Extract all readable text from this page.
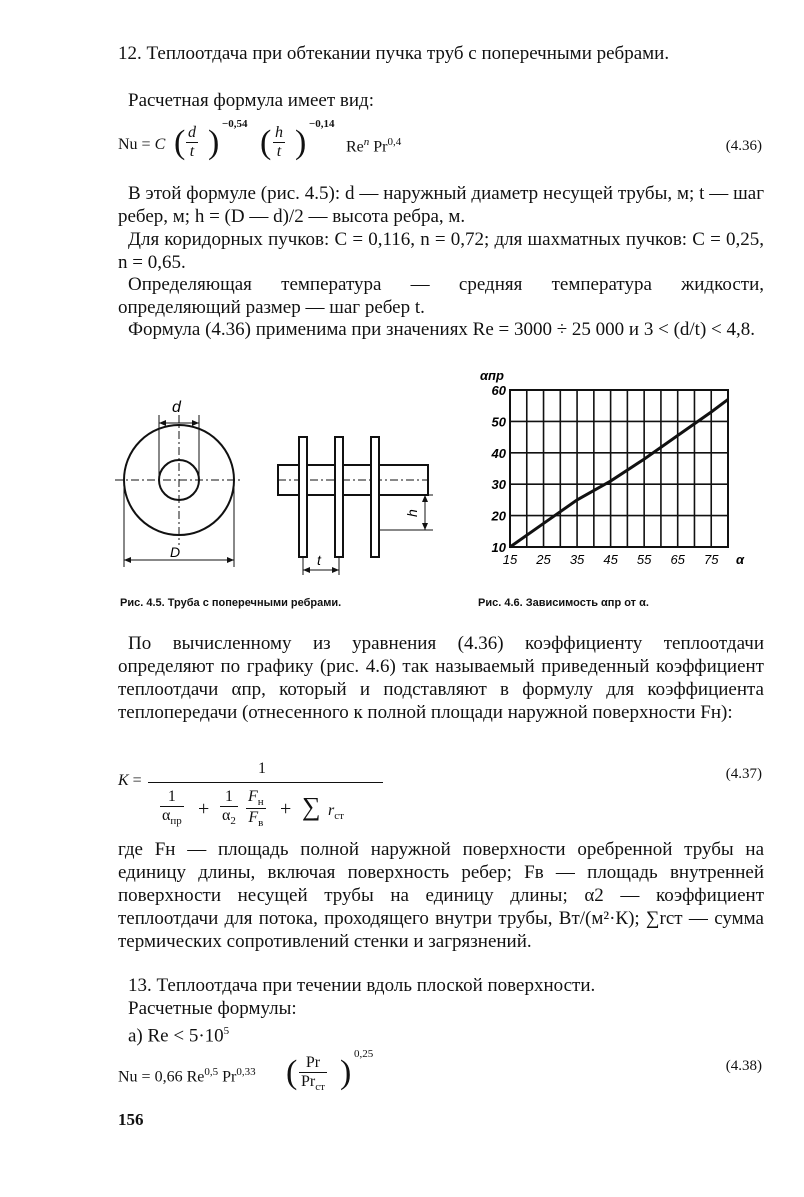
12. Теплоотдача при обтекании пучка труб с поперечными ребрами.

Расчетная формула имеет вид:

Nu = C ( $\frac{d}{t}$ ) −0,54 ( $\frac{h}{t}$ ) −0,14
Re$^n$ Pr$^{0,4}$	(4.36)

В этой формуле (рис. 4.5): d — наружный диаметр несущей трубы, м; t — шаг ребер, м; h = (D — d)/2 — высота ребра, м.

Для коридорных пучков: C = 0,116, n = 0,72; для шахматных пучков: C = 0,25, n = 0,65.

Определяющая температура — средняя температура жидкости, определяющий размер — шаг ребер t.

Формула (4.36) применима при значениях Re = 3000 ÷ 25 000 и 3 < (d/t) < 4,8.

d
D	t
h
Рис. 4.5. Труба с поперечными ребрами.
αпр
10
20
30
40
50
60
15 25 35 45 55 65 75 α
Рис. 4.6. Зависимость αпр от α.

По вычисленному из уравнения (4.36) коэффициенту теплоотдачи определяют по графику (рис. 4.6) так называемый приведенный коэффициент теплоотдачи αпр, который и подставляют в формулу для коэффициента теплопередачи (отнесенного к полной площади наружной поверхности Fн):

K =
1
$\frac{1}{\alpha_{пр}} + \frac{1}{\alpha_2} \frac{F_н}{F_в}$ + ∑ $r_{ст}$
(4.37)

где Fн — площадь полной наружной поверхности оребренной трубы на единицу длины, включая поверхность ребер; Fв — площадь внутренней поверхности несущей трубы на единицу длины; α2 — коэффициент теплоотдачи для потока, проходящего внутри трубы, Вт/(м²·К); ∑rст — сумма термических сопротивлений стенки и загрязнений.

13. Теплоотдача при течении вдоль плоской поверхности.

Расчетные формулы:

а) $Re < 5\cdot 10^5$

Nu = 0,66 Re$^{0,5}$ Pr$^{0,33}$ ( $\frac{Pr}{Pr_{ст}}$ ) 0,25
(4.38)
156
